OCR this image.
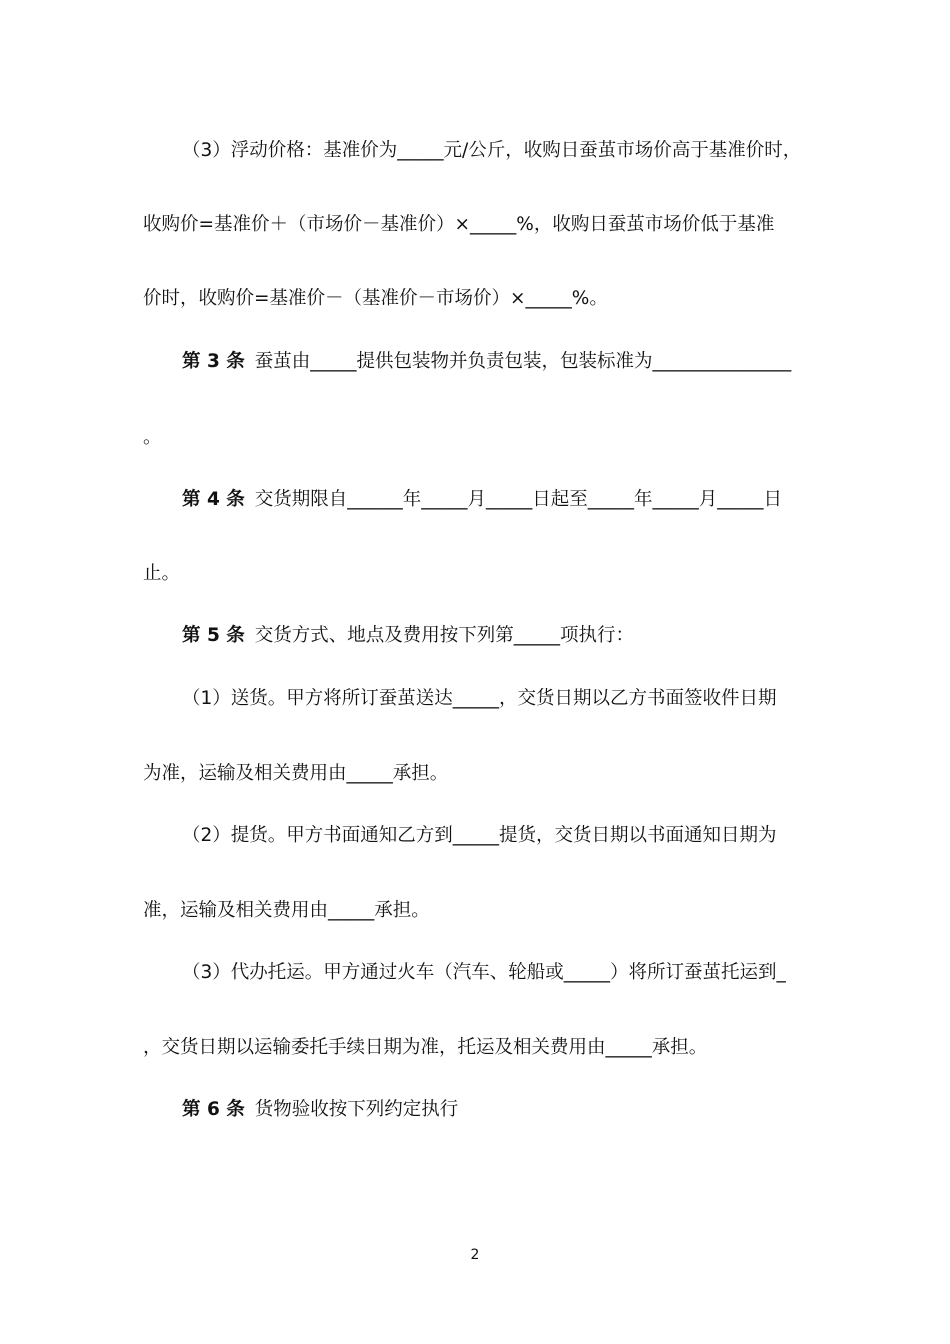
（3）浮动价格：基准价为_____元/公斤，收购日蚕茧市场价高于基准价时，
收购价=基准价＋（市场价－基准价）×_____%，收购日蚕茧市场价低于基准
价时，收购价=基准价－（基准价－市场价）×_____%。
第 3 条 蚕茧由_____提供包装物并负责包装，包装标准为_______________
。
第 4 条 交货期限自______年_____月_____日起至_____年_____月_____日
止。
第 5 条 交货方式、地点及费用按下列第_____项执行：
（1）送货。甲方将所订蚕茧送达_____，交货日期以乙方书面签收件日期
为准，运输及相关费用由_____承担。
（2）提货。甲方书面通知乙方到_____提货，交货日期以书面通知日期为
准，运输及相关费用由_____承担。
（3）代办托运。甲方通过火车（汽车、轮船或_____）将所订蚕茧托运到_
，交货日期以运输委托手续日期为准，托运及相关费用由_____承担。
第 6 条 货物验收按下列约定执行
2
